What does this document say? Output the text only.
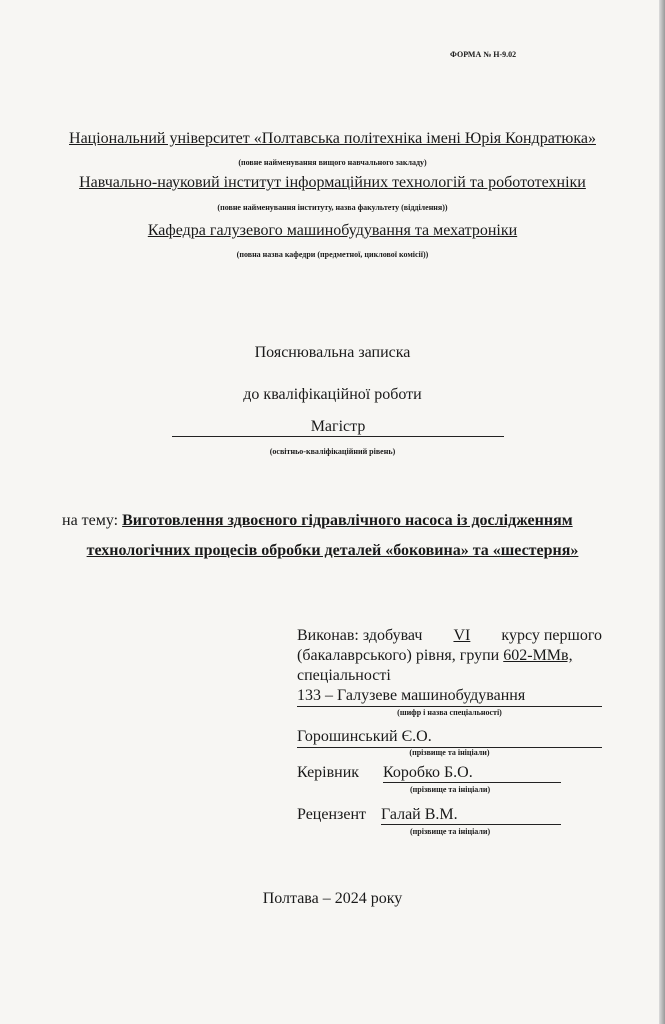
ФОРМА № Н-9.02
Національний університет «Полтавська політехніка імені Юрія Кондратюка»
(повне найменування вищого навчального закладу)
Навчально-науковий інститут інформаційних технологій та робототехніки
(повне найменування інституту, назва факультету (відділення))
Кафедра галузевого машинобудування та мехатроніки
(повна назва кафедри (предметної, циклової комісії))
Пояснювальна записка
до кваліфікаційної роботи
Магістр
(освітньо-кваліфікаційний рівень)
на тему: Виготовлення здвоєного гідравлічного насоса із дослідженням
технологічних процесів обробки деталей «боковина» та «шестерня»
Виконав: здобувач VI курсу першого
(бакалаврського) рівня, групи 602-ММв,
спеціальності
133 – Галузеве машинобудування
(шифр і назва спеціальності)
Горошинський Є.О.
(прізвище та ініціали)
Керівник Коробко Б.О.
(прізвище та ініціали)
Рецензент Галай В.М.
(прізвище та ініціали)
Полтава – 2024 року
